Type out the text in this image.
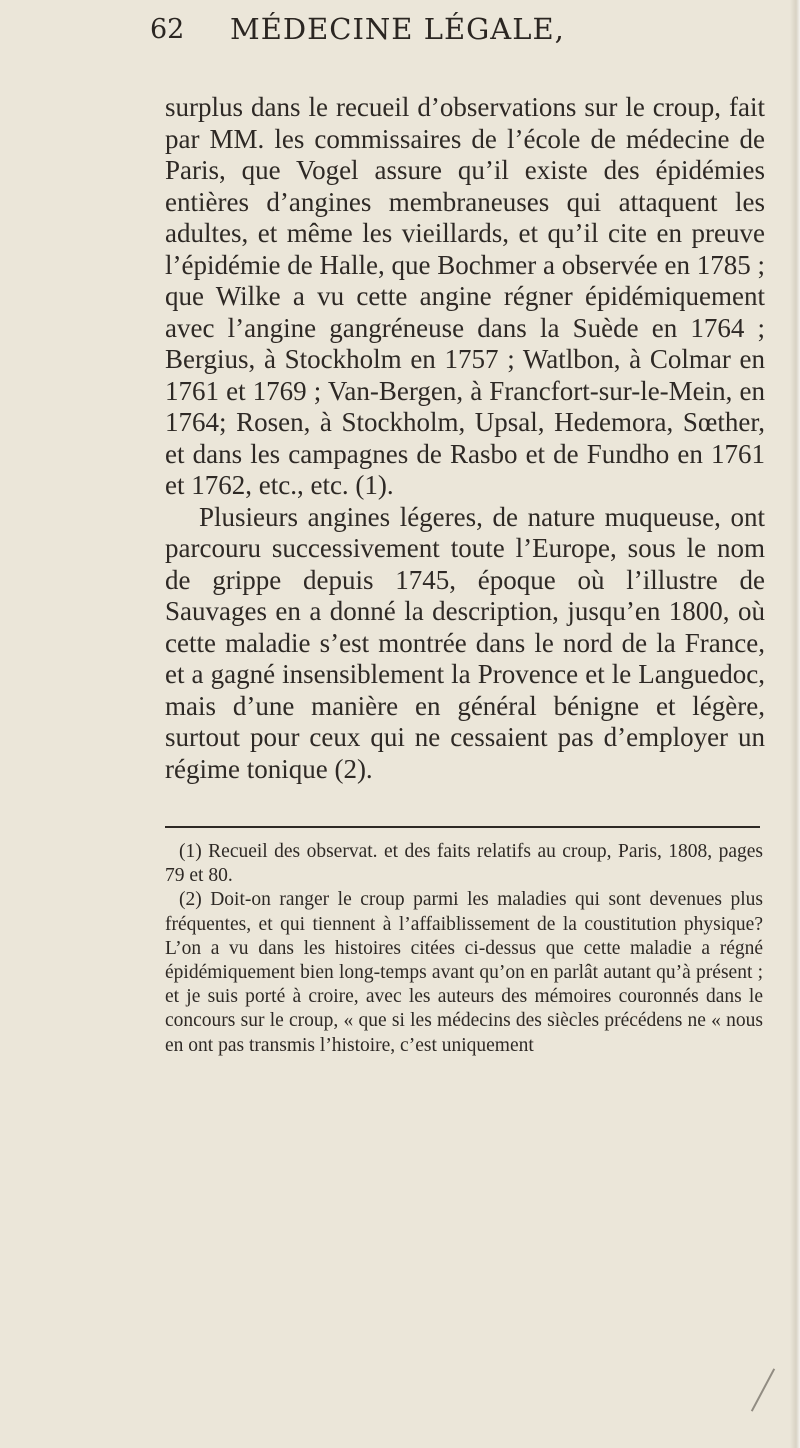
62 MÉDECINE LÉGALE,

surplus dans le recueil d’observations sur le croup, fait par MM. les commissaires de l’école de médecine de Paris, que Vogel assure qu’il existe des épidémies entières d’angines membraneuses qui attaquent les adultes, et même les vieillards, et qu’il cite en preuve l’épidémie de Halle, que Bochmer a observée en 1785 ; que Wilke a vu cette angine régner épidémiquement avec l’angine gangréneuse dans la Suède en 1764 ; Bergius, à Stockholm en 1757 ; Watlbon, à Colmar en 1761 et 1769 ; Van-Bergen, à Francfort-sur-le-Mein, en 1764; Rosen, à Stockholm, Upsal, Hedemora, Sœther, et dans les campagnes de Rasbo et de Fundho en 1761 et 1762, etc., etc. (1).

Plusieurs angines légeres, de nature muqueuse, ont parcouru successivement toute l’Europe, sous le nom de grippe depuis 1745, époque où l’illustre de Sauvages en a donné la description, jusqu’en 1800, où cette maladie s’est montrée dans le nord de la France, et a gagné insensiblement la Provence et le Languedoc, mais d’une manière en général bénigne et légère, surtout pour ceux qui ne cessaient pas d’employer un régime tonique (2).

(1) Recueil des observat. et des faits relatifs au croup, Paris, 1808, pages 79 et 80.

(2) Doit-on ranger le croup parmi les maladies qui sont devenues plus fréquentes, et qui tiennent à l’affaiblissement de la coustitution physique? L’on a vu dans les histoires citées ci-dessus que cette maladie a régné épidémiquement bien long-temps avant qu’on en parlât autant qu’à présent ; et je suis porté à croire, avec les auteurs des mémoires couronnés dans le concours sur le croup, « que si les médecins des siècles précédens ne « nous en ont pas transmis l’histoire, c’est uniquement
